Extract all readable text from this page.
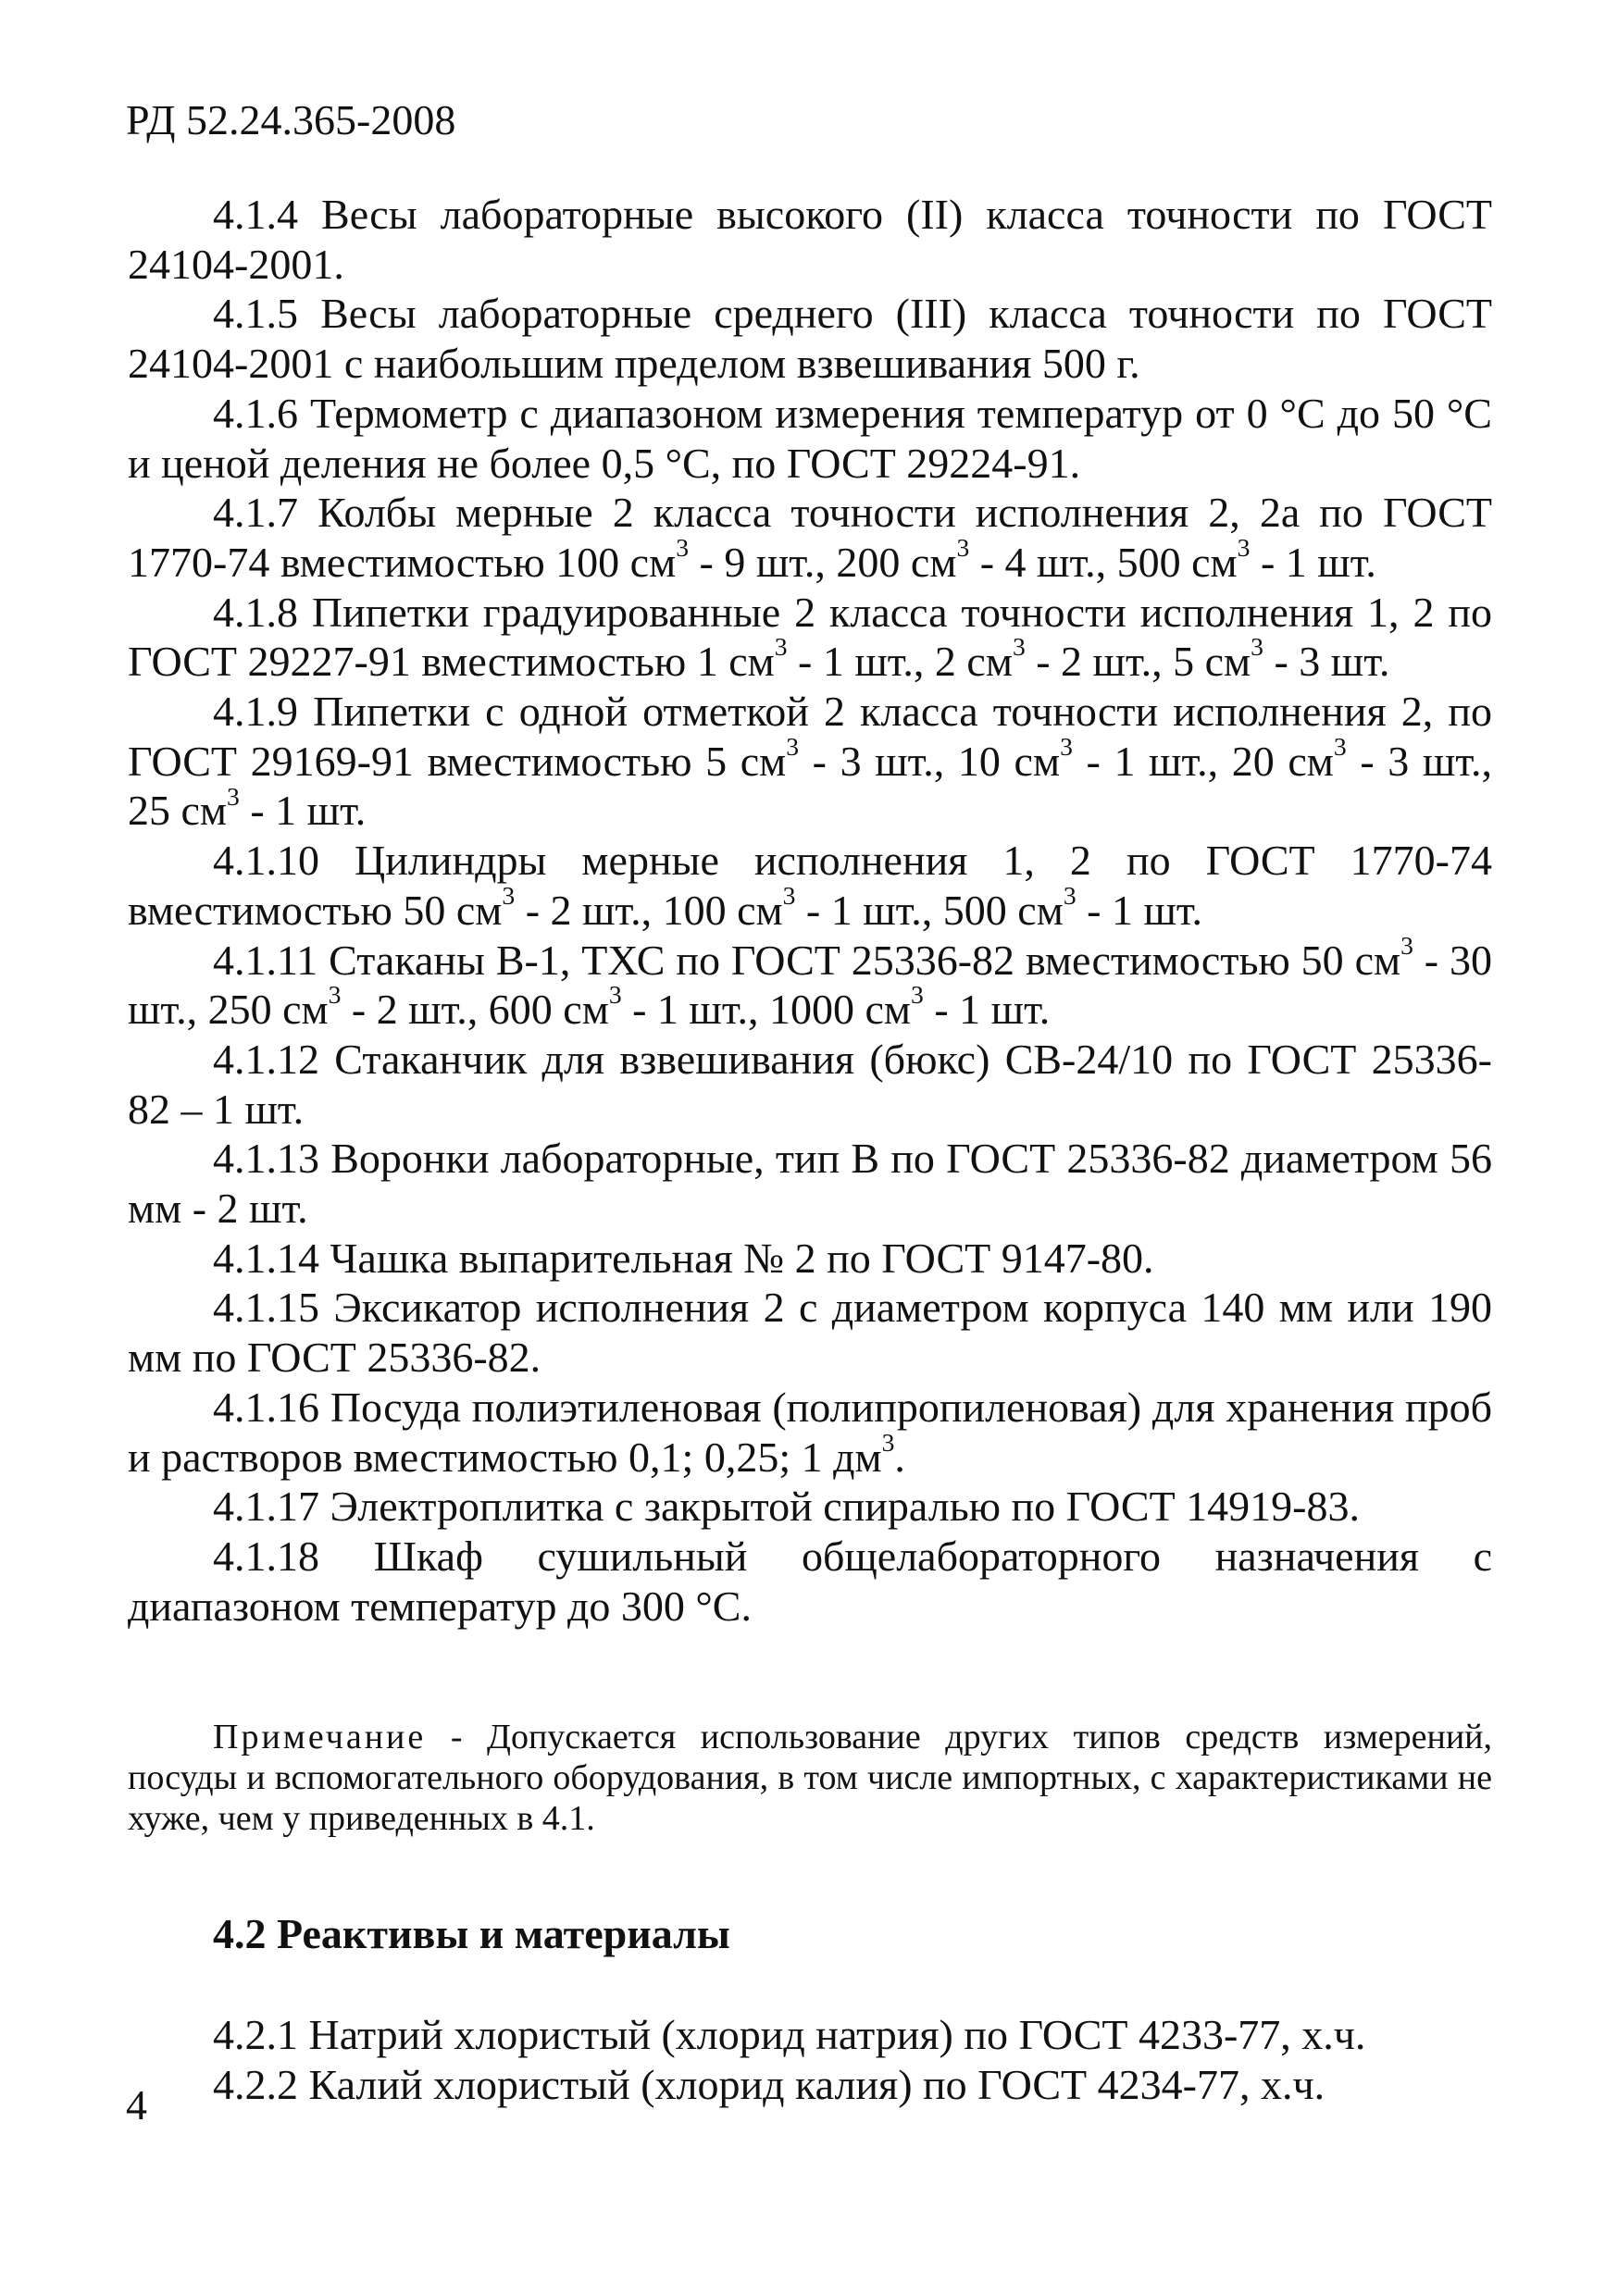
РД 52.24.365-2008

4.1.4 Весы лабораторные высокого (II) класса точности по ГОСТ 24104-2001.

4.1.5 Весы лабораторные среднего (III) класса точности по ГОСТ 24104-2001 с наибольшим пределом взвешивания 500 г.

4.1.6 Термометр с диапазоном измерения температур от 0 °С до 50 °С и ценой деления не более 0,5 °С, по ГОСТ 29224-91.

4.1.7 Колбы мерные 2 класса точности исполнения 2, 2а по ГОСТ 1770-74 вместимостью 100 $см^3 - 9$ шт., 200 $см^3 - 4$ шт., 500 $см^3 - 1$ шт.

4.1.8 Пипетки градуированные 2 класса точности исполнения 1, 2 по ГОСТ 29227-91 вместимостью 1 $см^3 - 1$ шт., 2 $см^3 - 2$ шт., 5 $см^3 - 3$ шт.

4.1.9 Пипетки с одной отметкой 2 класса точности исполнения 2, по ГОСТ 29169-91 вместимостью 5 $см^3 - 3$ шт., 10 $см^3 - 1$ шт., 20 $см^3 - 3$ шт., 25 $см^3 - 1$ шт.

4.1.10 Цилиндры мерные исполнения 1, 2 по ГОСТ 1770-74 вместимостью 50 $см^3 - 2$ шт., 100 $см^3 - 1$ шт., 500 $см^3 - 1$ шт.

4.1.11 Стаканы В-1, ТХС по ГОСТ 25336-82 вместимостью 50 $см^3 - 30$ шт., 250 $см^3 - 2$ шт., 600 $см^3 - 1$ шт., 1000 $см^3 - 1$ шт.

4.1.12 Стаканчик для взвешивания (бюкс) СВ-24/10 по ГОСТ 25336-82 – 1 шт.

4.1.13 Воронки лабораторные, тип В по ГОСТ 25336-82 диаметром 56 мм - 2 шт.

4.1.14 Чашка выпарительная № 2 по ГОСТ 9147-80.

4.1.15 Эксикатор исполнения 2 с диаметром корпуса 140 мм или 190 мм по ГОСТ 25336-82.

4.1.16 Посуда полиэтиленовая (полипропиленовая) для хранения проб и растворов вместимостью 0,1; 0,25; 1 $дм^3$.

4.1.17 Электроплитка с закрытой спиралью по ГОСТ 14919-83.

4.1.18 Шкаф сушильный общелабораторного назначения с диапазоном температур до 300 °С.

Примечание - Допускается использование других типов средств измерений, посуды и вспомогательного оборудования, в том числе импортных, с характеристиками не хуже, чем у приведенных в 4.1.

4.2 Реактивы и материалы

4.2.1 Натрий хлористый (хлорид натрия) по ГОСТ 4233-77, х.ч.

4.2.2 Калий хлористый (хлорид калия) по ГОСТ 4234-77, х.ч.

4
